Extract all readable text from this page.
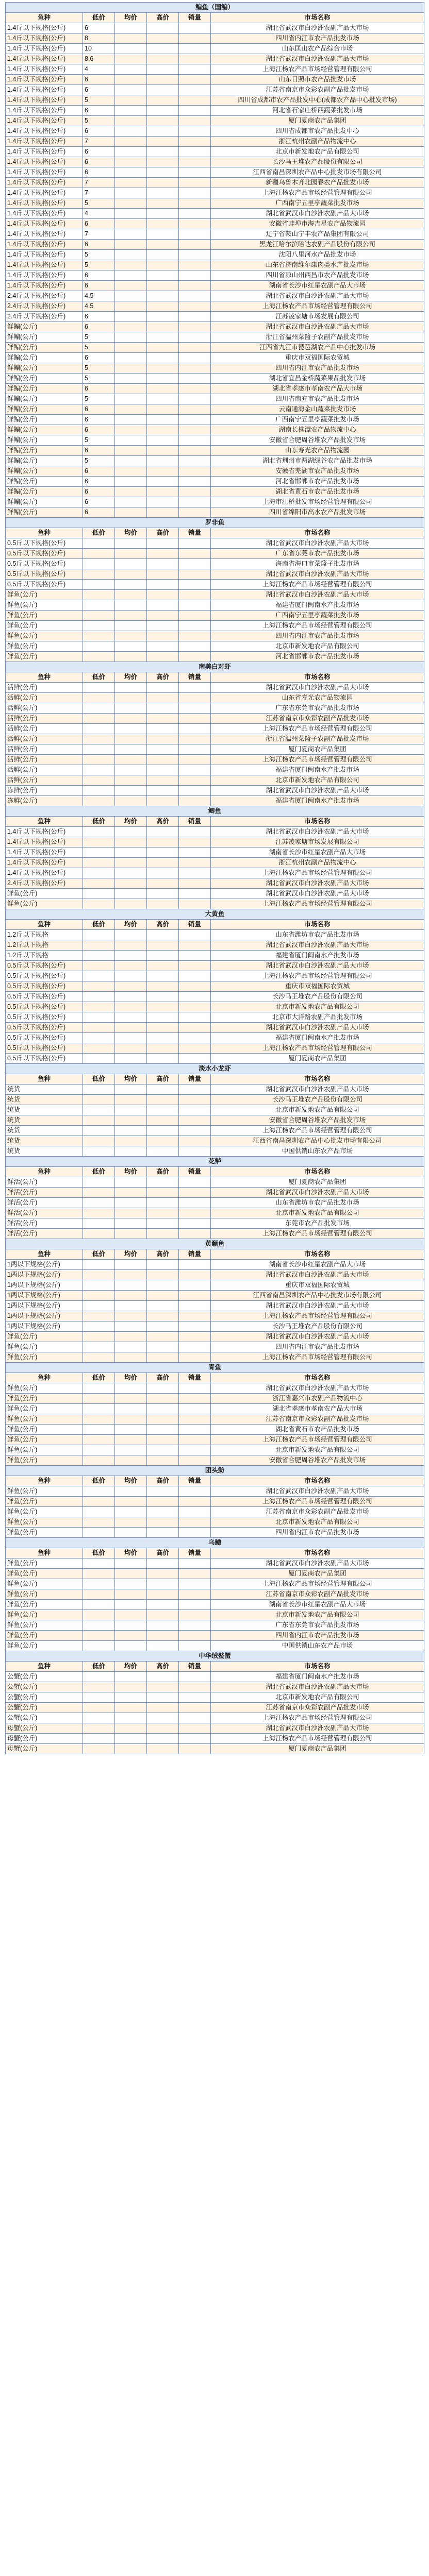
鳊鱼（国鳊）					
鱼种	低价	均价	高价	销量	市场名称
1.4斤以下规格(公斤)	6				湖北省武汉市白沙洲农副产品大市场
1.4斤以下规格(公斤)	8				四川省内江市农产品批发市场
1.4斤以下规格(公斤)	10				山东匡山农产品综合市场
1.4斤以下规格(公斤)	8.6				湖北省武汉市白沙洲农副产品大市场
1.4斤以下规格(公斤)	4				上海江杨农产品市场经营管理有限公司
1.4斤以下规格(公斤)	6				山东日照市农产品批发市场
1.4斤以下规格(公斤)	6				江苏省南京市众彩农副产品批发市场
1.4斤以下规格(公斤)	5				四川省成都市农产品批发中心(成都农产品中心批发市场)
1.4斤以下规格(公斤)	6				河北省石家庄桥西蔬菜批发市场
1.4斤以下规格(公斤)	5				厦门夏商农产品集团
1.4斤以下规格(公斤)	6				四川省成都市农产品批发中心
1.4斤以下规格(公斤)	7				浙江杭州农副产品物流中心
1.4斤以下规格(公斤)	6				北京市新发地农产品有限公司
1.4斤以下规格(公斤)	6				长沙马王堆农产品股份有限公司
1.4斤以下规格(公斤)	6				江西省南昌深圳农产品中心批发市场有限公司
1.4斤以下规格(公斤)	7				新疆乌鲁木齐北园春农产品批发市场
1.4斤以下规格(公斤)	7				上海江杨农产品市场经营管理有限公司
1.4斤以下规格(公斤)	5				广西南宁五里亭蔬菜批发市场
1.4斤以下规格(公斤)	4				湖北省武汉市白沙洲农副产品大市场
1.4斤以下规格(公斤)	6				安徽省蚌埠市海吉星农产品物流园
1.4斤以下规格(公斤)	7				辽宁省鞍山宁丰农产品集团有限公司
1.4斤以下规格(公斤)	6				黑龙江哈尔滨哈达农副产品股份有限公司
1.4斤以下规格(公斤)	5				沈阳八里河水产品批发市场
1.4斤以下规格(公斤)	5				山东省济南维尔康肉类水产批发市场
1.4斤以下规格(公斤)	6				四川省凉山州西昌市农产品批发市场
1.4斤以下规格(公斤)	6				湖南省长沙市红星农副产品大市场
2.4斤以下规格(公斤)	4.5				湖北省武汉市白沙洲农副产品大市场
2.4斤以下规格(公斤)	4.5				上海江杨农产品市场经营管理有限公司
2.4斤以下规格(公斤)	6				江苏凌家塘市场发展有限公司
鲜鳊(公斤)	6				湖北省武汉市白沙洲农副产品大市场
鲜鳊(公斤)	5				浙江省温州菜篮子农副产品批发市场
鲜鳊(公斤)	5				江西省九江市琵琶湖农产品中心批发市场
鲜鳊(公斤)	6				重庆市双福国际农贸城
鲜鳊(公斤)	5				四川省内江市农产品批发市场
鲜鳊(公斤)	5				湖北省宜昌金桥蔬菜果品批发市场
鲜鳊(公斤)	6				湖北省孝感市孝南农产品大市场
鲜鳊(公斤)	5				四川省南充市农产品批发市场
鲜鳊(公斤)	6				云南通海金山蔬菜批发市场
鲜鳊(公斤)	6				广西南宁五里亭蔬菜批发市场
鲜鳊(公斤)	6				湖南长株潭农产品物流中心
鲜鳊(公斤)	5				安徽省合肥周谷堆农产品批发市场
鲜鳊(公斤)	6				山东寿光农产品物流园
鲜鳊(公斤)	5				湖北省荆州市两湖绿谷农产品批发市场
鲜鳊(公斤)	6				安徽省芜湖市农产品批发市场
鲜鳊(公斤)	6				河北省邯郸市农产品批发市场
鲜鳊(公斤)	6				湖北省黄石市农产品批发市场
鲜鳊(公斤)	6				上海市江桥批发市场经营管理有限公司
鲜鳊(公斤)	6				四川省绵阳市高水农产品批发市场
罗非鱼					
鱼种	低价	均价	高价	销量	市场名称
0.5斤以下规格(公斤)					湖北省武汉市白沙洲农副产品大市场
0.5斤以下规格(公斤)					广东省东莞市农产品批发市场
0.5斤以下规格(公斤)					海南省海口市菜篮子批发市场
0.5斤以下规格(公斤)					湖北省武汉市白沙洲农副产品大市场
0.5斤以下规格(公斤)					上海江杨农产品市场经营管理有限公司
鲜鱼(公斤)					湖北省武汉市白沙洲农副产品大市场
鲜鱼(公斤)					福建省厦门闽南水产批发市场
鲜鱼(公斤)					广西南宁五里亭蔬菜批发市场
鲜鱼(公斤)					上海江杨农产品市场经营管理有限公司
鲜鱼(公斤)					四川省内江市农产品批发市场
鲜鱼(公斤)					北京市新发地农产品有限公司
鲜鱼(公斤)					河北省邯郸市农产品批发市场
南美白对虾					
鱼种	低价	均价	高价	销量	市场名称
活鲜(公斤)					湖北省武汉市白沙洲农副产品大市场
活鲜(公斤)					山东省寿光农产品物流园
活鲜(公斤)					广东省东莞市农产品批发市场
活鲜(公斤)					江苏省南京市众彩农副产品批发市场
活鲜(公斤)					上海江杨农产品市场经营管理有限公司
活鲜(公斤)					浙江省温州菜篮子农副产品批发市场
活鲜(公斤)					厦门夏商农产品集团
活鲜(公斤)					上海江杨农产品市场经营管理有限公司
活鲜(公斤)					福建省厦门闽南水产批发市场
活鲜(公斤)					北京市新发地农产品有限公司
冻鲜(公斤)					湖北省武汉市白沙洲农副产品大市场
冻鲜(公斤)					福建省厦门闽南水产批发市场
鲫鱼					
鱼种	低价	均价	高价	销量	市场名称
1.4斤以下规格(公斤)					湖北省武汉市白沙洲农副产品大市场
1.4斤以下规格(公斤)					江苏凌家塘市场发展有限公司
1.4斤以下规格(公斤)					湖南省长沙市红星农副产品大市场
1.4斤以下规格(公斤)					浙江杭州农副产品物流中心
1.4斤以下规格(公斤)					上海江杨农产品市场经营管理有限公司
2.4斤以下规格(公斤)					湖北省武汉市白沙洲农副产品大市场
鲜鱼(公斤)					湖北省武汉市白沙洲农副产品大市场
鲜鱼(公斤)					上海江杨农产品市场经营管理有限公司
大黄鱼					
鱼种	低价	均价	高价	销量	市场名称
1.2斤以下规格					山东省潍坊市农产品批发市场
1.2斤以下规格					湖北省武汉市白沙洲农副产品大市场
1.2斤以下规格					福建省厦门闽南水产批发市场
0.5斤以下规格(公斤)					湖北省武汉市白沙洲农副产品大市场
0.5斤以下规格(公斤)					上海江杨农产品市场经营管理有限公司
0.5斤以下规格(公斤)					重庆市双福国际农贸城
0.5斤以下规格(公斤)					长沙马王堆农产品股份有限公司
0.5斤以下规格(公斤)					北京市新发地农产品有限公司
0.5斤以下规格(公斤)					北京市大洋路农副产品批发市场
0.5斤以下规格(公斤)					湖北省武汉市白沙洲农副产品大市场
0.5斤以下规格(公斤)					福建省厦门闽南水产批发市场
0.5斤以下规格(公斤)					上海江杨农产品市场经营管理有限公司
0.5斤以下规格(公斤)					厦门夏商农产品集团
淡水小龙虾					
鱼种	低价	均价	高价	销量	市场名称
统货					湖北省武汉市白沙洲农副产品大市场
统货					长沙马王堆农产品股份有限公司
统货					北京市新发地农产品有限公司
统货					安徽省合肥周谷堆农产品批发市场
统货					上海江杨农产品市场经营管理有限公司
统货					江西省南昌深圳农产品中心批发市场有限公司
统货					中国供销山东农产品市场
花鲈					
鱼种	低价	均价	高价	销量	市场名称
鲜活(公斤)					厦门夏商农产品集团
鲜活(公斤)					湖北省武汉市白沙洲农副产品大市场
鲜活(公斤)					山东省潍坊市农产品批发市场
鲜活(公斤)					北京市新发地农产品有限公司
鲜活(公斤)					东莞市农产品批发市场
鲜活(公斤)					上海江杨农产品市场经营管理有限公司
黄颡鱼					
鱼种	低价	均价	高价	销量	市场名称
1两以下规格(公斤)					湖南省长沙市红星农副产品大市场
1两以下规格(公斤)					湖北省武汉市白沙洲农副产品大市场
1两以下规格(公斤)					重庆市双福国际农贸城
1两以下规格(公斤)					江西省南昌深圳农产品中心批发市场有限公司
1两以下规格(公斤)					湖北省武汉市白沙洲农副产品大市场
1两以下规格(公斤)					上海江杨农产品市场经营管理有限公司
1两以下规格(公斤)					长沙马王堆农产品股份有限公司
鲜鱼(公斤)					湖北省武汉市白沙洲农副产品大市场
鲜鱼(公斤)					四川省内江市农产品批发市场
鲜鱼(公斤)					上海江杨农产品市场经营管理有限公司
青鱼					
鱼种	低价	均价	高价	销量	市场名称
鲜鱼(公斤)					湖北省武汉市白沙洲农副产品大市场
鲜鱼(公斤)					浙江省嘉兴市农副产品物流中心
鲜鱼(公斤)					湖北省孝感市孝南农产品大市场
鲜鱼(公斤)					江苏省南京市众彩农副产品批发市场
鲜鱼(公斤)					湖北省黄石市农产品批发市场
鲜鱼(公斤)					上海江杨农产品市场经营管理有限公司
鲜鱼(公斤)					北京市新发地农产品有限公司
鲜鱼(公斤)					安徽省合肥周谷堆农产品批发市场
团头鲂					
鱼种	低价	均价	高价	销量	市场名称
鲜鱼(公斤)					湖北省武汉市白沙洲农副产品大市场
鲜鱼(公斤)					上海江杨农产品市场经营管理有限公司
鲜鱼(公斤)					江苏省南京市众彩农副产品批发市场
鲜鱼(公斤)					北京市新发地农产品有限公司
鲜鱼(公斤)					四川省内江市农产品批发市场
乌鳢					
鱼种	低价	均价	高价	销量	市场名称
鲜鱼(公斤)					湖北省武汉市白沙洲农副产品大市场
鲜鱼(公斤)					厦门夏商农产品集团
鲜鱼(公斤)					上海江杨农产品市场经营管理有限公司
鲜鱼(公斤)					江苏省南京市众彩农副产品批发市场
鲜鱼(公斤)					湖南省长沙市红星农副产品大市场
鲜鱼(公斤)					北京市新发地农产品有限公司
鲜鱼(公斤)					广东省东莞市农产品批发市场
鲜鱼(公斤)					四川省内江市农产品批发市场
鲜鱼(公斤)					中国供销山东农产品市场
中华绒螯蟹					
鱼种	低价	均价	高价	销量	市场名称
公蟹(公斤)					福建省厦门闽南水产批发市场
公蟹(公斤)					湖北省武汉市白沙洲农副产品大市场
公蟹(公斤)					北京市新发地农产品有限公司
公蟹(公斤)					江苏省南京市众彩农副产品批发市场
公蟹(公斤)					上海江杨农产品市场经营管理有限公司
母蟹(公斤)					湖北省武汉市白沙洲农副产品大市场
母蟹(公斤)					上海江杨农产品市场经营管理有限公司
母蟹(公斤)					厦门夏商农产品集团
